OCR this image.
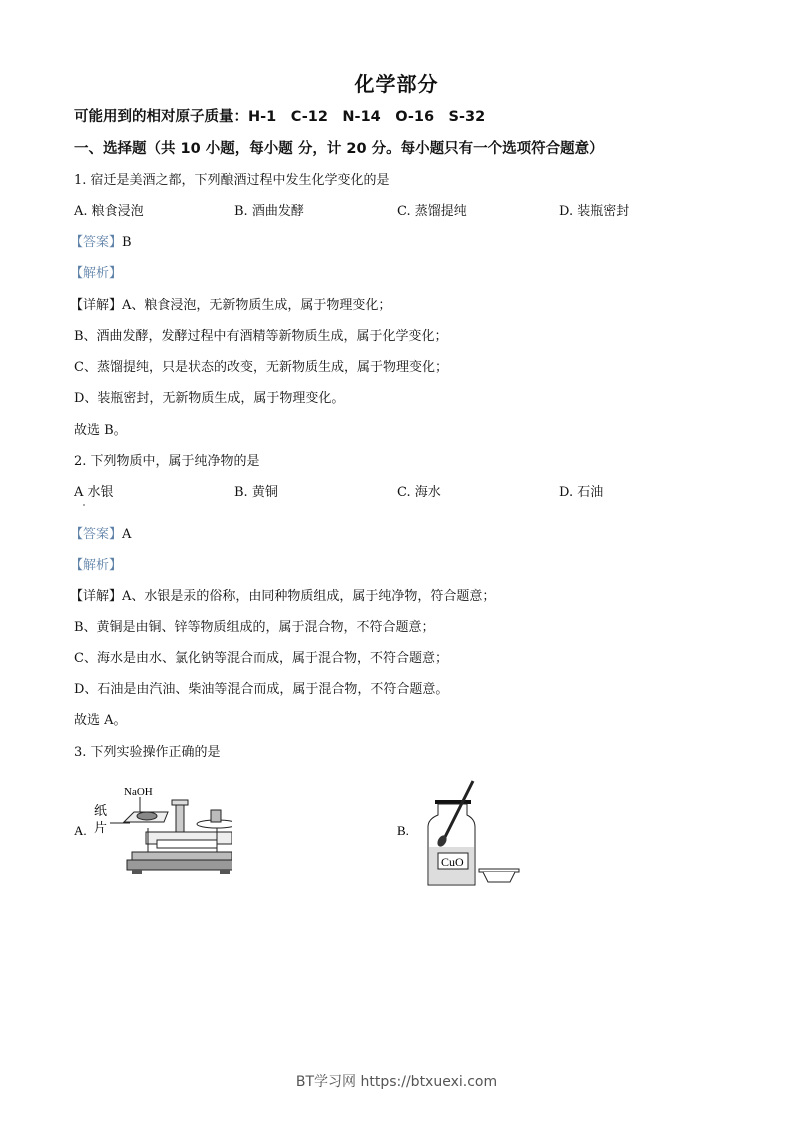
化学部分
可能用到的相对原子质量：H-1　C-12　N-14　O-16　S-32
一、选择题（共 10 小题，每小题 分，计 20 分。每小题只有一个选项符合题意）
1. 宿迁是美酒之都，下列酿酒过程中发生化学变化的是
A. 粮食浸泡	B. 酒曲发酵	C. 蒸馏提纯	D. 装瓶密封
【答案】B
【解析】
【详解】A、粮食浸泡，无新物质生成，属于物理变化；
B、酒曲发酵，发酵过程中有酒精等新物质生成，属于化学变化；
C、蒸馏提纯，只是状态的改变，无新物质生成，属于物理变化；
D、装瓶密封，无新物质生成，属于物理变化。
故选 B。
2. 下列物质中，属于纯净物的是
A 水银	B. 黄铜	C. 海水	D. 石油
【答案】A
【解析】
【详解】A、水银是汞的俗称，由同种物质组成，属于纯净物，符合题意；
B、黄铜是由铜、锌等物质组成的，属于混合物，不符合题意；
C、海水是由水、氯化钠等混合而成，属于混合物，不符合题意；
D、石油是由汽油、柴油等混合而成，属于混合物，不符合题意。
故选 A。
3. 下列实验操作正确的是
A.
NaOH
纸
片	B.
CuO
BT学习网 https://btxuexi.com
